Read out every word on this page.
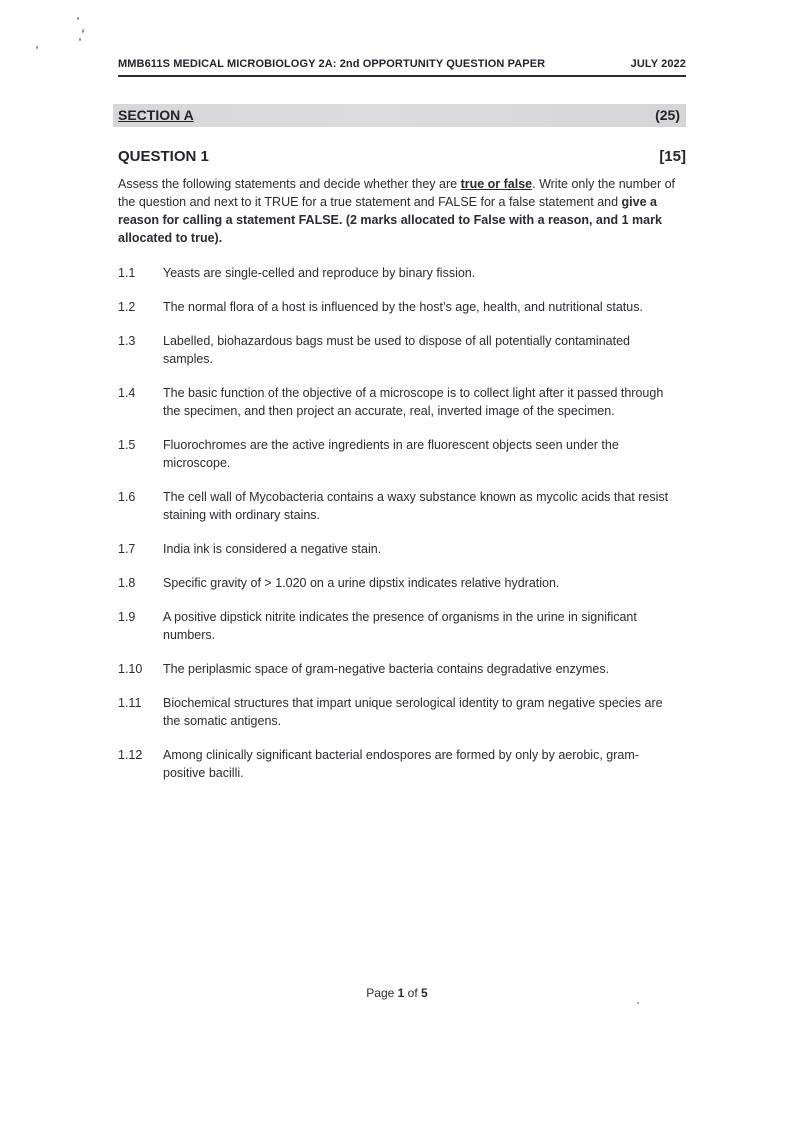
MMB611S MEDICAL MICROBIOLOGY 2A: 2nd OPPORTUNITY QUESTION PAPER	JULY 2022
SECTION A	(25)
QUESTION 1	[15]

Assess the following statements and decide whether they are true or false. Write only the number of the question and next to it TRUE for a true statement and FALSE for a false statement and give a reason for calling a statement FALSE. (2 marks allocated to False with a reason, and 1 mark allocated to true).

1.1	Yeasts are single-celled and reproduce by binary fission.
1.2	The normal flora of a host is influenced by the host’s age, health, and nutritional status.
1.3	Labelled, biohazardous bags must be used to dispose of all potentially contaminated samples.
1.4	The basic function of the objective of a microscope is to collect light after it passed through the specimen, and then project an accurate, real, inverted image of the specimen.
1.5	Fluorochromes are the active ingredients in are fluorescent objects seen under the microscope.
1.6	The cell wall of Mycobacteria contains a waxy substance known as mycolic acids that resist staining with ordinary stains.
1.7	India ink is considered a negative stain.
1.8	Specific gravity of > 1.020 on a urine dipstix indicates relative hydration.
1.9	A positive dipstick nitrite indicates the presence of organisms in the urine in significant numbers.
1.10	The periplasmic space of gram-negative bacteria contains degradative enzymes.
1.11	Biochemical structures that impart unique serological identity to gram negative species are the somatic antigens.
1.12	Among clinically significant bacterial endospores are formed by only by aerobic, gram-positive bacilli.
Page 1 of 5
